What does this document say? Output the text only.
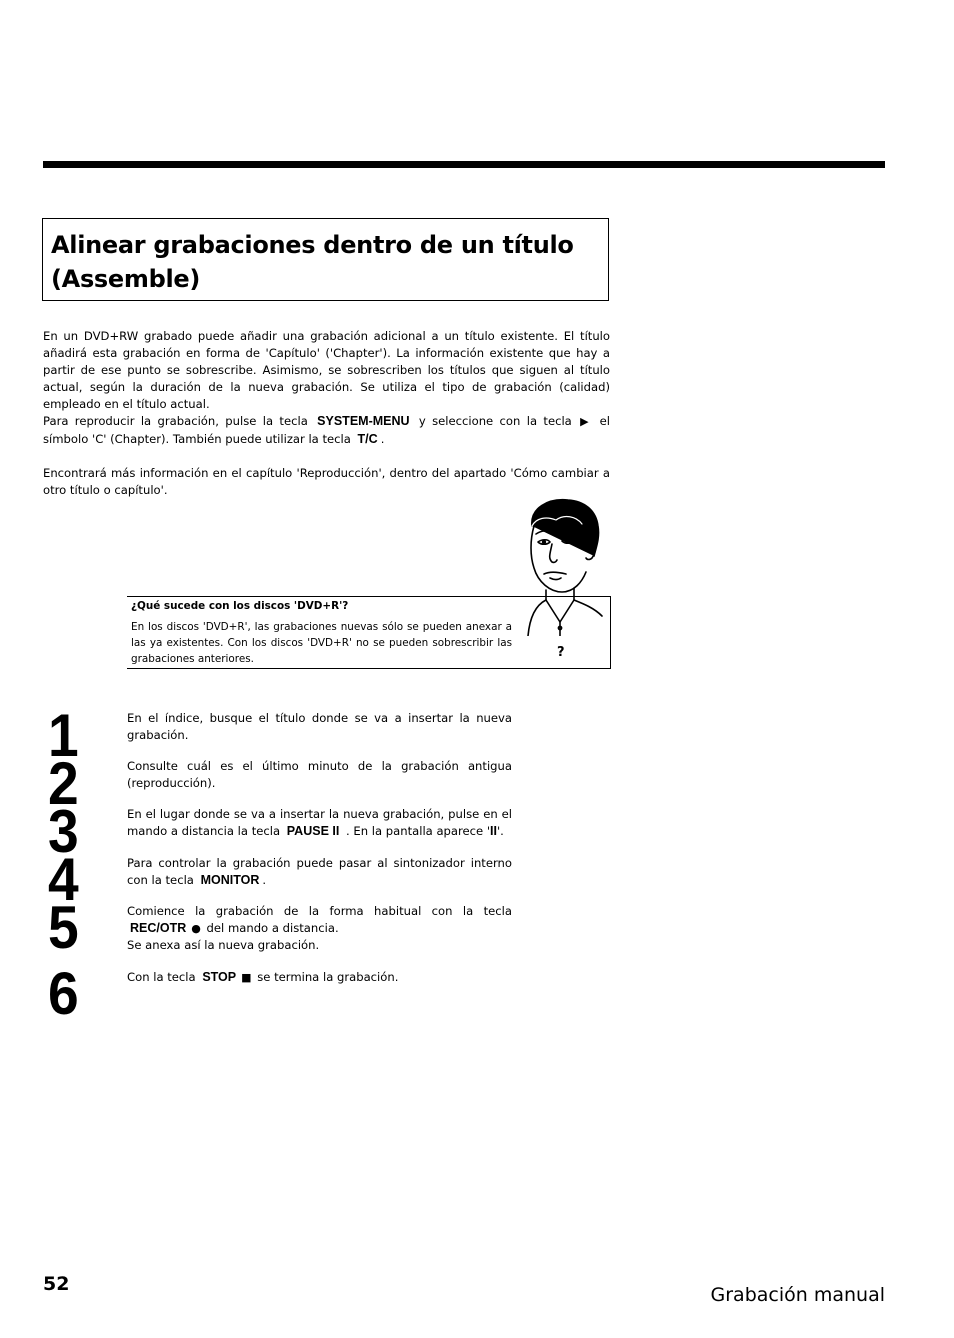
Alinear grabaciones dentro de un título (Assemble)

En un DVD+RW grabado puede añadir una grabación adicional a un título existente. El título añadirá esta grabación en forma de 'Capítulo' ('Chapter'). La información existente que hay a partir de ese punto se sobrescribe. Asimismo, se sobrescriben los títulos que siguen al título actual, según la duración de la nueva grabación. Se utiliza el tipo de grabación (calidad) empleado en el título actual.

Para reproducir la grabación, pulse la tecla SYSTEM-MENU y seleccione con la tecla ▶ el símbolo 'C' (Chapter). También puede utilizar la tecla T/C .

Encontrará más información en el capítulo 'Reproducción', dentro del apartado 'Cómo cambiar a otro título o capítulo'.

¿Qué sucede con los discos 'DVD+R'?
En los discos 'DVD+R', las grabaciones nuevas sólo se pueden anexar a las ya existentes. Con los discos 'DVD+R' no se pueden sobrescribir las grabaciones anteriores.	?
1	En el índice, busque el título donde se va a insertar la nueva grabación.

2	Consulte cuál es el último minuto de la grabación antigua (reproducción).

3	En el lugar donde se va a insertar la nueva grabación, pulse en el mando a distancia la tecla PAUSE II . En la pantalla aparece 'II'.

4	Para controlar la grabación puede pasar al sintonizador interno con la tecla MONITOR .

5	Comience la grabación de la forma habitual con la tecla REC/OTR ● del mando a distancia.

Se anexa así la nueva grabación.

6	Con la tecla STOP ■ se termina la grabación.

52	Grabación manual
